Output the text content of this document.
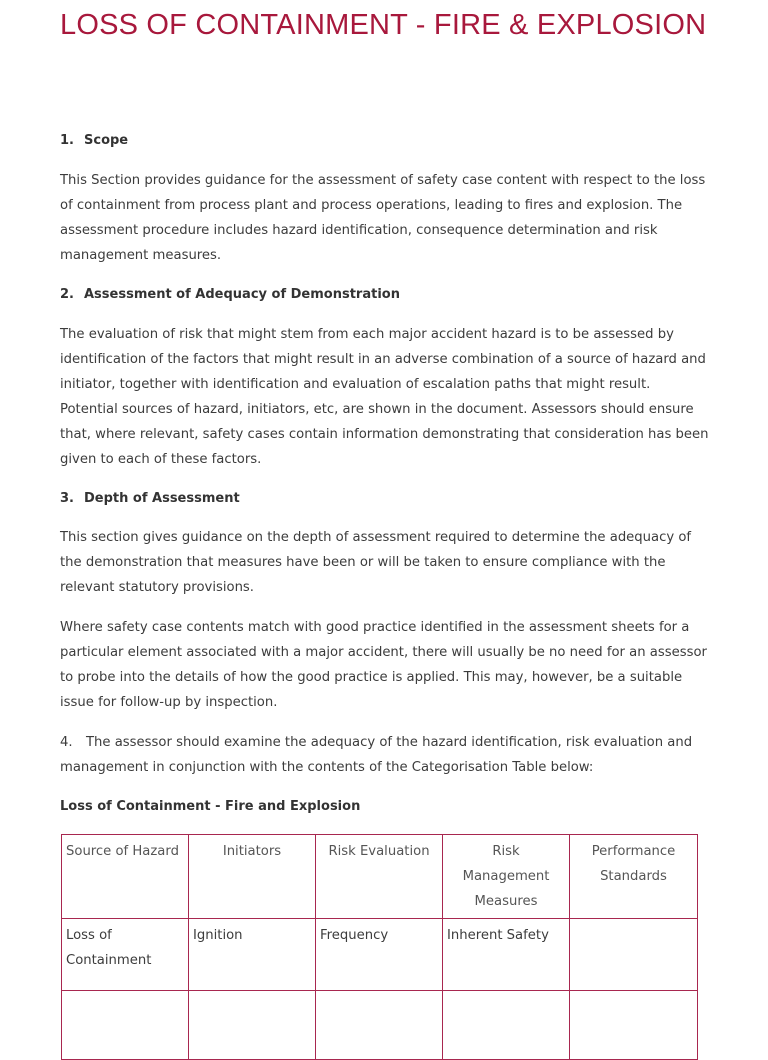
LOSS OF CONTAINMENT - FIRE & EXPLOSION
1. Scope

This Section provides guidance for the assessment of safety case content with respect to the loss of containment from process plant and process operations, leading to fires and explosion. The assessment procedure includes hazard identification, consequence determination and risk management measures.

2. Assessment of Adequacy of Demonstration

The evaluation of risk that might stem from each major accident hazard is to be assessed by identification of the factors that might result in an adverse combination of a source of hazard and initiator, together with identification and evaluation of escalation paths that might result. Potential sources of hazard, initiators, etc, are shown in the document. Assessors should ensure that, where relevant, safety cases contain information demonstrating that consideration has been given to each of these factors.

3. Depth of Assessment

This section gives guidance on the depth of assessment required to determine the adequacy of the demonstration that measures have been or will be taken to ensure compliance with the relevant statutory provisions.

Where safety case contents match with good practice identified in the assessment sheets for a particular element associated with a major accident, there will usually be no need for an assessor to probe into the details of how the good practice is applied. This may, however, be a suitable issue for follow-up by inspection.

4. The assessor should examine the adequacy of the hazard identification, risk evaluation and management in conjunction with the contents of the Categorisation Table below:

Loss of Containment - Fire and Explosion
Source of Hazard	Initiators	Risk Evaluation	Risk Management Measures	Performance Standards
Loss of Containment	Ignition	Frequency	Inherent Safety	
